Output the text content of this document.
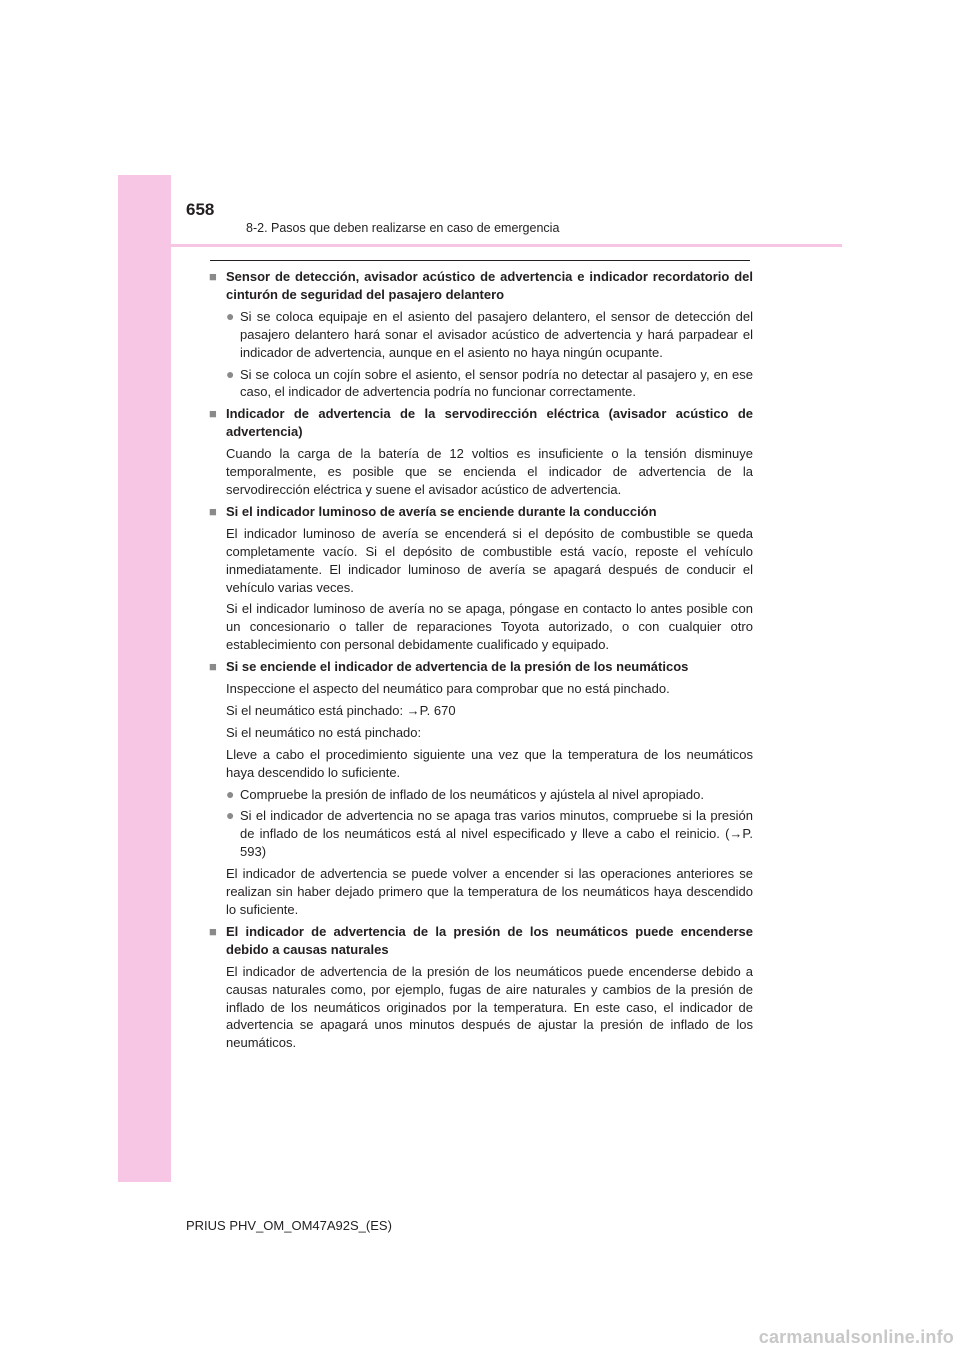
658
8-2. Pasos que deben realizarse en caso de emergencia
■ Sensor de detección, avisador acústico de advertencia e indicador recordatorio del cinturón de seguridad del pasajero delantero
● Si se coloca equipaje en el asiento del pasajero delantero, el sensor de detección del pasajero delantero hará sonar el avisador acústico de advertencia y hará parpadear el indicador de advertencia, aunque en el asiento no haya ningún ocupante.
● Si se coloca un cojín sobre el asiento, el sensor podría no detectar al pasajero y, en ese caso, el indicador de advertencia podría no funcionar correctamente.
■ Indicador de advertencia de la servodirección eléctrica (avisador acústico de advertencia)
Cuando la carga de la batería de 12 voltios es insuficiente o la tensión disminuye temporalmente, es posible que se encienda el indicador de advertencia de la servodirección eléctrica y suene el avisador acústico de advertencia.
■ Si el indicador luminoso de avería se enciende durante la conducción
El indicador luminoso de avería se encenderá si el depósito de combustible se queda completamente vacío. Si el depósito de combustible está vacío, reposte el vehículo inmediatamente. El indicador luminoso de avería se apagará después de conducir el vehículo varias veces.
Si el indicador luminoso de avería no se apaga, póngase en contacto lo antes posible con un concesionario o taller de reparaciones Toyota autorizado, o con cualquier otro establecimiento con personal debidamente cualificado y equipado.
■ Si se enciende el indicador de advertencia de la presión de los neumáticos
Inspeccione el aspecto del neumático para comprobar que no está pinchado.
Si el neumático está pinchado: →P. 670
Si el neumático no está pinchado:
Lleve a cabo el procedimiento siguiente una vez que la temperatura de los neumáticos haya descendido lo suficiente.
● Compruebe la presión de inflado de los neumáticos y ajústela al nivel apropiado.
● Si el indicador de advertencia no se apaga tras varios minutos, compruebe si la presión de inflado de los neumáticos está al nivel especificado y lleve a cabo el reinicio. (→P. 593)
El indicador de advertencia se puede volver a encender si las operaciones anteriores se realizan sin haber dejado primero que la temperatura de los neumáticos haya descendido lo suficiente.
■ El indicador de advertencia de la presión de los neumáticos puede encenderse debido a causas naturales
El indicador de advertencia de la presión de los neumáticos puede encenderse debido a causas naturales como, por ejemplo, fugas de aire naturales y cambios de la presión de inflado de los neumáticos originados por la temperatura. En este caso, el indicador de advertencia se apagará unos minutos después de ajustar la presión de inflado de los neumáticos.
PRIUS PHV_OM_OM47A92S_(ES)
carmanualsonline.info
